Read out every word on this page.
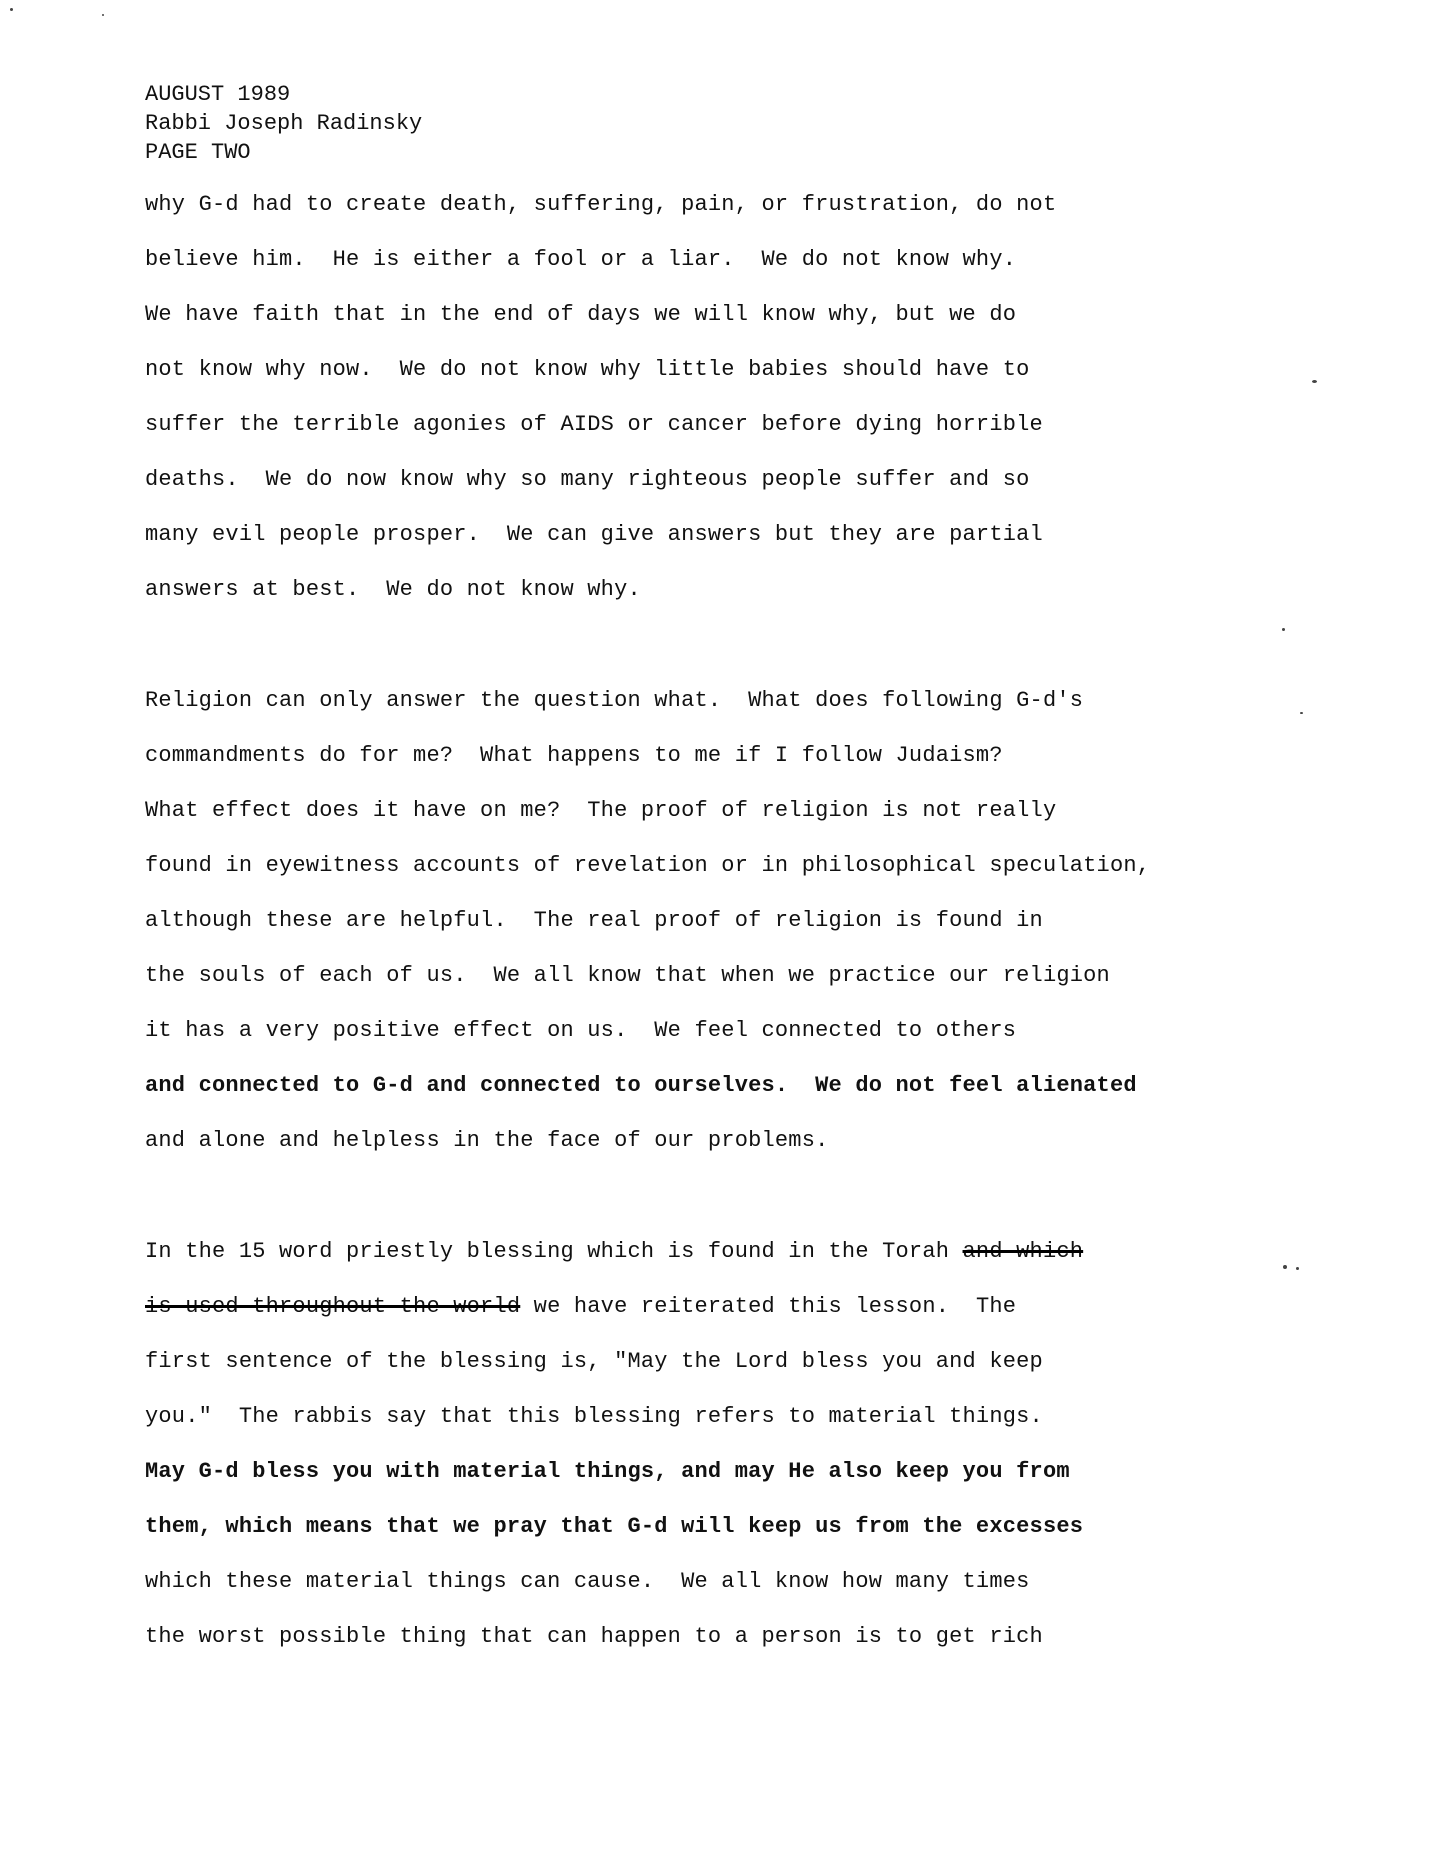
AUGUST 1989
Rabbi Joseph Radinsky
PAGE TWO
why G-d had to create death, suffering, pain, or frustration, do not
believe him.  He is either a fool or a liar.  We do not know why.
We have faith that in the end of days we will know why, but we do
not know why now.  We do not know why little babies should have to
suffer the terrible agonies of AIDS or cancer before dying horrible
deaths.  We do now know why so many righteous people suffer and so
many evil people prosper.  We can give answers but they are partial
answers at best.  We do not know why.
Religion can only answer the question what.  What does following G-d's
commandments do for me?  What happens to me if I follow Judaism?
What effect does it have on me?  The proof of religion is not really
found in eyewitness accounts of revelation or in philosophical speculation,
although these are helpful.  The real proof of religion is found in
the souls of each of us.  We all know that when we practice our religion
it has a very positive effect on us.  We feel connected to others
and connected to G-d and connected to ourselves.  We do not feel alienated
and alone and helpless in the face of our problems.
In the 15 word priestly blessing which is found in the Torah and which
is used throughout the world we have reiterated this lesson.  The
first sentence of the blessing is, "May the Lord bless you and keep
you."  The rabbis say that this blessing refers to material things.
May G-d bless you with material things, and may He also keep you from
them, which means that we pray that G-d will keep us from the excesses
which these material things can cause.  We all know how many times
the worst possible thing that can happen to a person is to get rich
